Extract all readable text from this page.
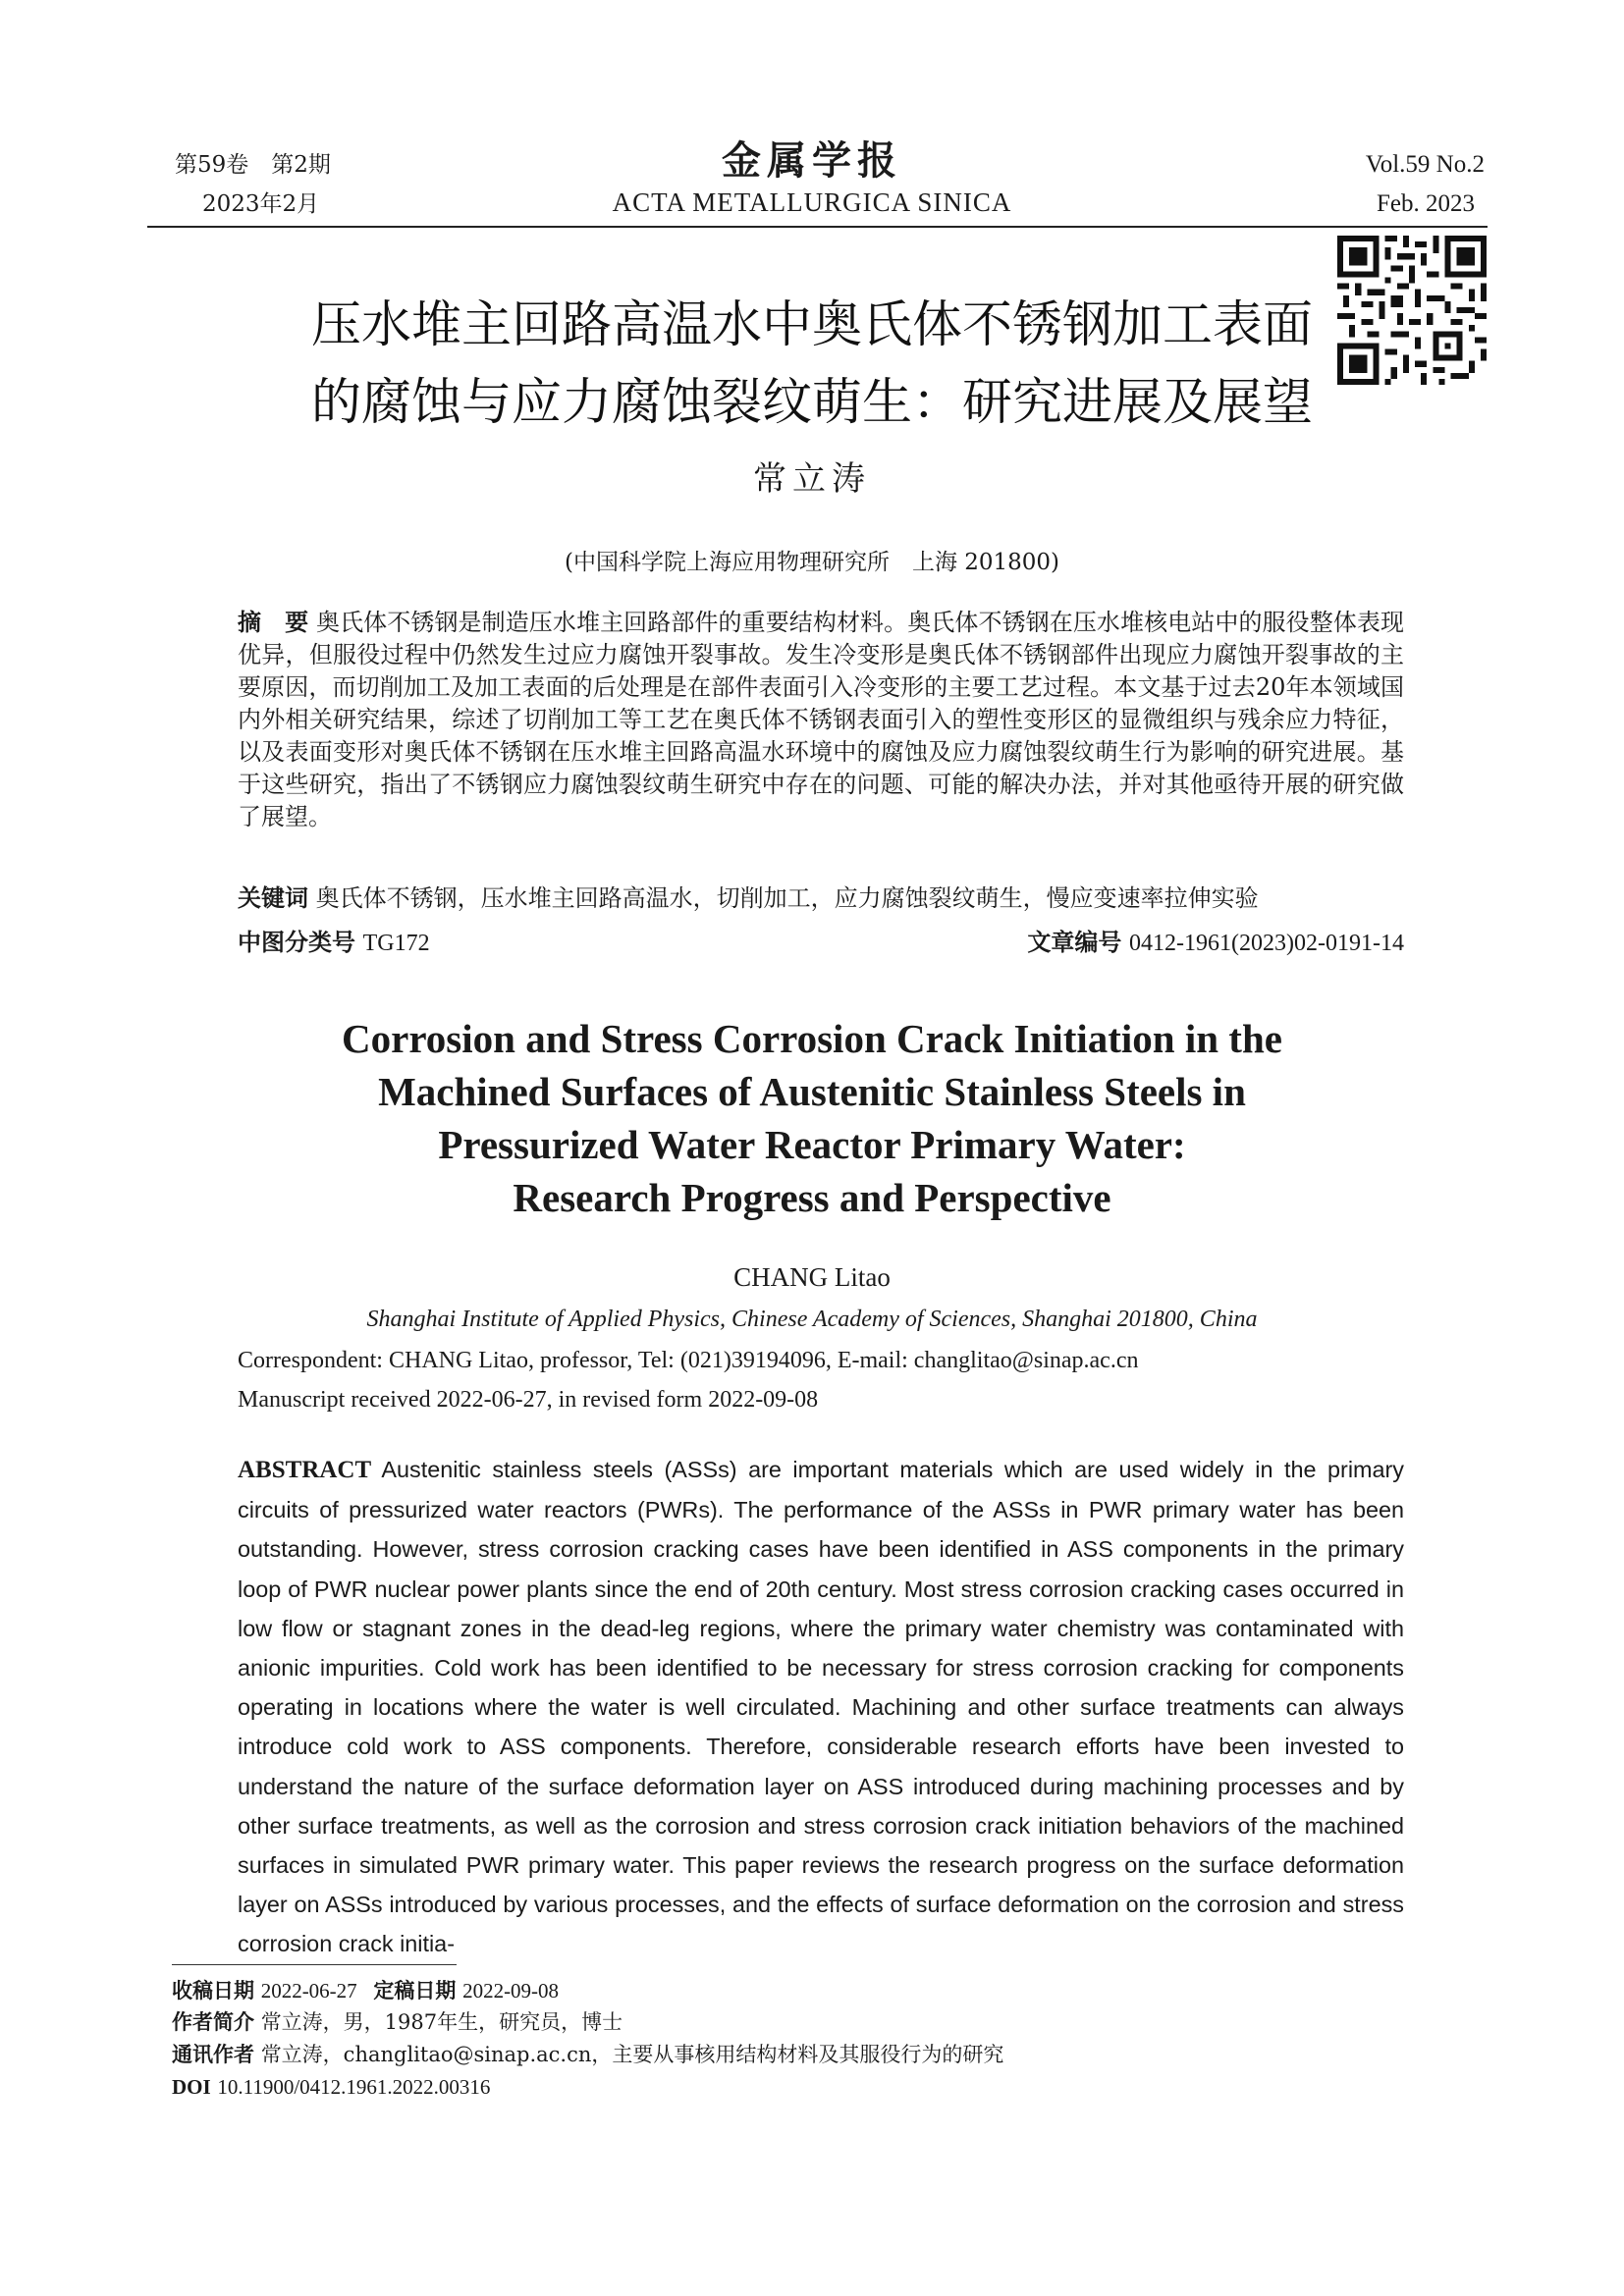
第59卷　第2期
2023年2月
金属学报
ACTA METALLURGICA SINICA
Vol.59 No.2
Feb. 2023
压水堆主回路高温水中奥氏体不锈钢加工表面
的腐蚀与应力腐蚀裂纹萌生：研究进展及展望
常立涛
(中国科学院上海应用物理研究所　上海 201800)
摘　要 奥氏体不锈钢是制造压水堆主回路部件的重要结构材料。奥氏体不锈钢在压水堆核电站中的服役整体表现优异，但服役过程中仍然发生过应力腐蚀开裂事故。发生冷变形是奥氏体不锈钢部件出现应力腐蚀开裂事故的主要原因，而切削加工及加工表面的后处理是在部件表面引入冷变形的主要工艺过程。本文基于过去20年本领域国内外相关研究结果，综述了切削加工等工艺在奥氏体不锈钢表面引入的塑性变形区的显微组织与残余应力特征，以及表面变形对奥氏体不锈钢在压水堆主回路高温水环境中的腐蚀及应力腐蚀裂纹萌生行为影响的研究进展。基于这些研究，指出了不锈钢应力腐蚀裂纹萌生研究中存在的问题、可能的解决办法，并对其他亟待开展的研究做了展望。
关键词 奥氏体不锈钢，压水堆主回路高温水，切削加工，应力腐蚀裂纹萌生，慢应变速率拉伸实验
中图分类号 TG172	文章编号 0412-1961(2023)02-0191-14
Corrosion and Stress Corrosion Crack Initiation in the
Machined Surfaces of Austenitic Stainless Steels in
Pressurized Water Reactor Primary Water:
Research Progress and Perspective
CHANG Litao
Shanghai Institute of Applied Physics, Chinese Academy of Sciences, Shanghai 201800, China
Correspondent: CHANG Litao, professor, Tel: (021)39194096, E-mail: changlitao@sinap.ac.cn
Manuscript received 2022-06-27, in revised form 2022-09-08
ABSTRACT Austenitic stainless steels (ASSs) are important materials which are used widely in the primary circuits of pressurized water reactors (PWRs). The performance of the ASSs in PWR primary water has been outstanding. However, stress corrosion cracking cases have been identified in ASS components in the primary loop of PWR nuclear power plants since the end of 20th century. Most stress corrosion cracking cases occurred in low flow or stagnant zones in the dead-leg regions, where the primary water chemistry was contaminated with anionic impurities. Cold work has been identified to be necessary for stress corrosion cracking for components operating in locations where the water is well circulated. Machining and other surface treatments can always introduce cold work to ASS components. Therefore, considerable research efforts have been invested to understand the nature of the surface deformation layer on ASS introduced during machining processes and by other surface treatments, as well as the corrosion and stress corrosion crack initiation behaviors of the machined surfaces in simulated PWR primary water. This paper reviews the research progress on the surface deformation layer on ASSs introduced by various processes, and the effects of surface deformation on the corrosion and stress corrosion crack initia-
收稿日期 2022-06-27 定稿日期 2022-09-08
作者简介 常立涛，男，1987年生，研究员，博士
通讯作者 常立涛，changlitao@sinap.ac.cn，主要从事核用结构材料及其服役行为的研究
DOI 10.11900/0412.1961.2022.00316
